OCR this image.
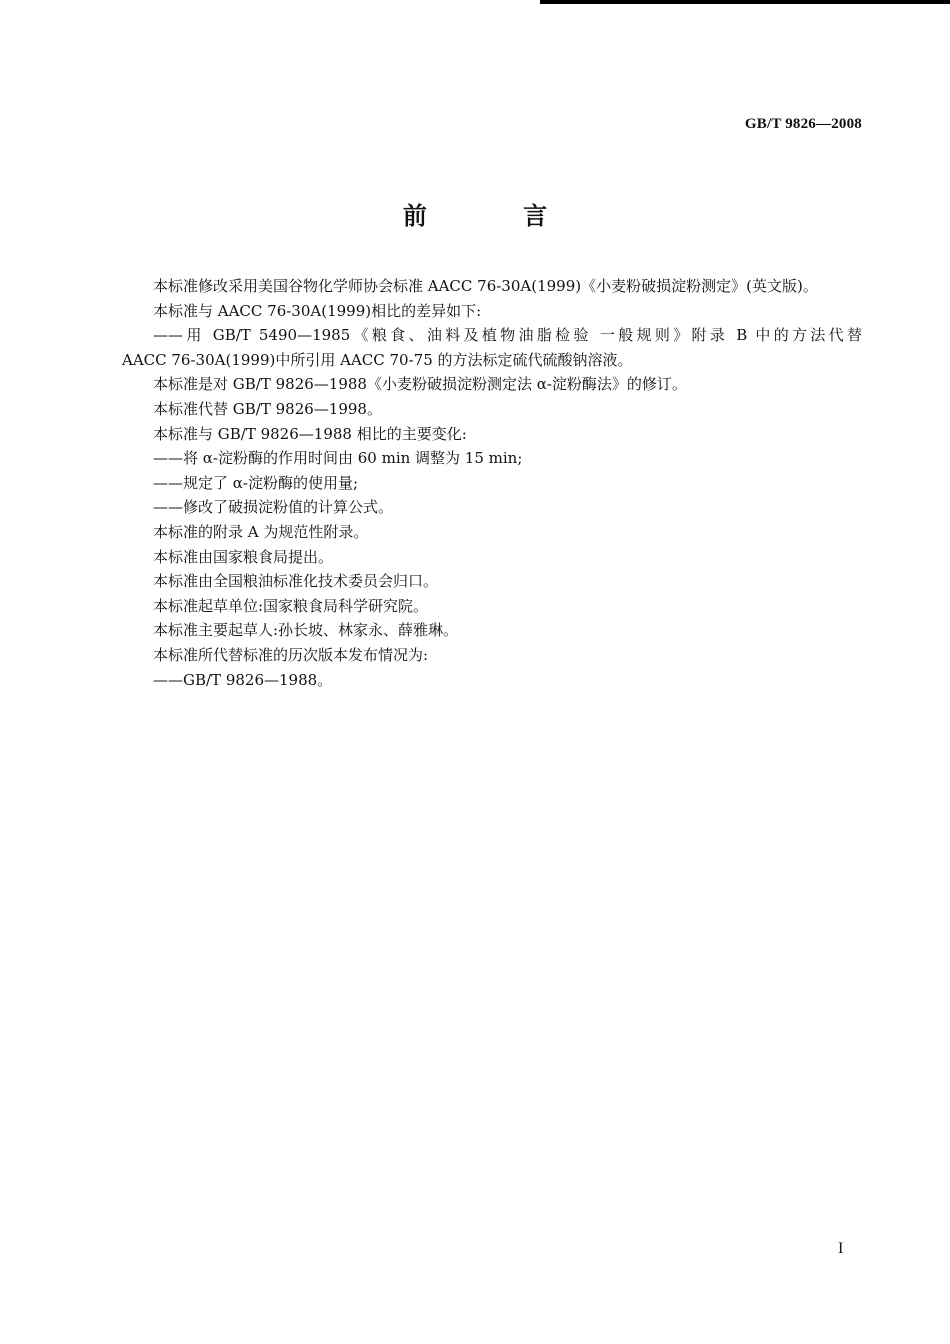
GB/T 9826—2008
前 言
本标准修改采用美国谷物化学师协会标准 AACC 76-30A(1999)《小麦粉破损淀粉测定》(英文版)。
本标准与 AACC 76-30A(1999)相比的差异如下:
——用 GB/T 5490—1985《粮食、油料及植物油脂检验 一般规则》附录 B 中的方法代替
AACC 76-30A(1999)中所引用 AACC 70-75 的方法标定硫代硫酸钠溶液。
本标准是对 GB/T 9826—1988《小麦粉破损淀粉测定法 α-淀粉酶法》的修订。
本标准代替 GB/T 9826—1998。
本标准与 GB/T 9826—1988 相比的主要变化:
——将 α-淀粉酶的作用时间由 60 min 调整为 15 min;
——规定了 α-淀粉酶的使用量;
——修改了破损淀粉值的计算公式。
本标准的附录 A 为规范性附录。
本标准由国家粮食局提出。
本标准由全国粮油标准化技术委员会归口。
本标准起草单位:国家粮食局科学研究院。
本标准主要起草人:孙长坡、林家永、薛雅琳。
本标准所代替标准的历次版本发布情况为:
——GB/T 9826—1988。
I
